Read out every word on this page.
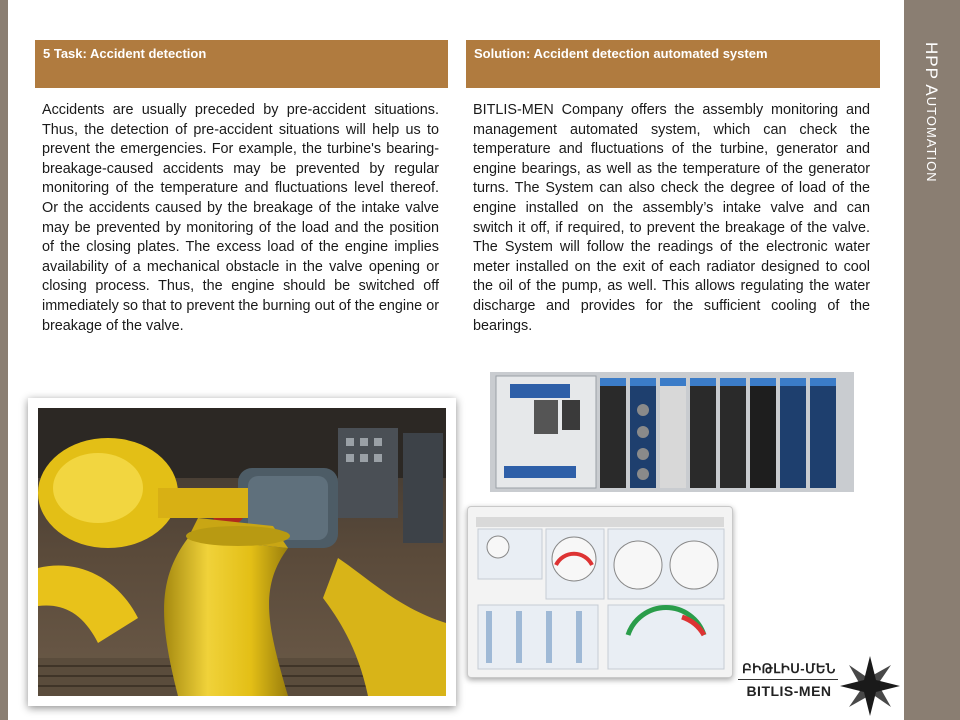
HPP AUTOMATION
5 Task: Accident detection	Solution: Accident detection automated system
Accidents are usually preceded by pre-accident situations. Thus, the detection of pre-accident situations will help us to prevent the emergencies. For example, the turbine's bearing- breakage-caused accidents may be prevented by regular monitoring of the temperature and fluctuations level thereof. Or the accidents caused by the breakage of the intake valve may be prevented by monitoring of the load and the position of the closing plates. The excess load of the engine implies availability of a mechanical obstacle in the valve opening or closing process. Thus, the engine should be switched off immediately so that to prevent the burning out of the engine or breakage of the valve.
BITLIS-MEN Company offers the assembly monitoring and management automated system, which can check the temperature and fluctuations of the turbine, generator and engine bearings, as well as the temperature of the generator turns. The System can also check the degree of load of the engine installed on the assembly’s intake valve and can switch it off, if required, to prevent the breakage of the valve. The System will follow the readings of the electronic water meter installed on the exit of each radiator designed to cool the oil of the pump, as well. This allows regulating the water discharge and provides for the sufficient cooling of the bearings.
ԲԻԹԼԻՍ-ՄԵՆ
BITLIS-MEN
